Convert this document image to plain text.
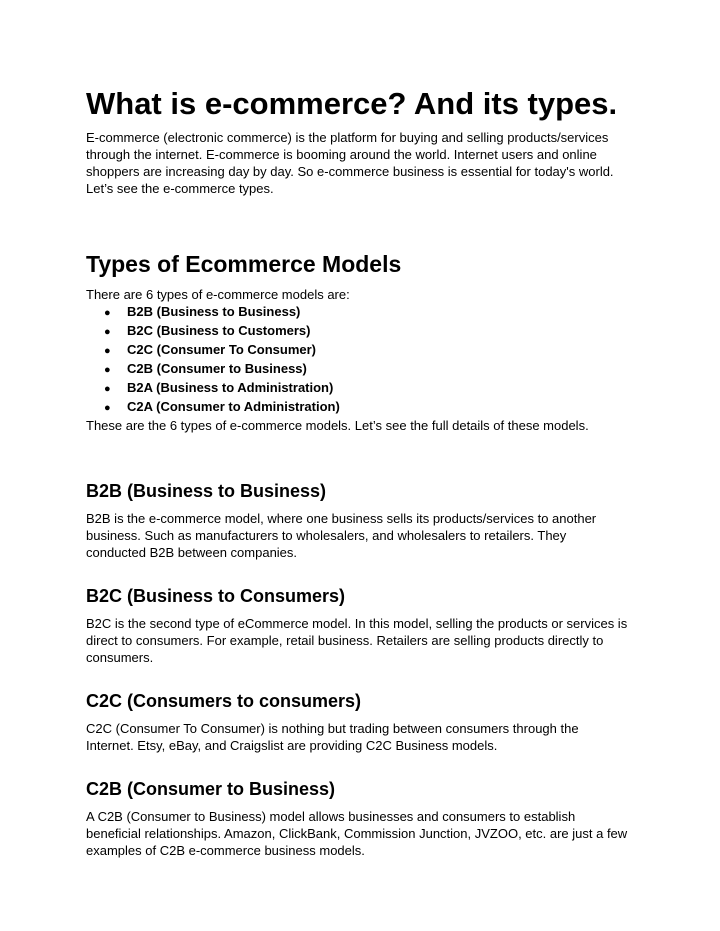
What is e-commerce? And its types.

E-commerce (electronic commerce) is the platform for buying and selling products/services through the internet. E-commerce is booming around the world. Internet users and online shoppers are increasing day by day. So e-commerce business is essential for today's world. Let’s see the e-commerce types.

Types of Ecommerce Models

There are 6 types of e-commerce models are:

●	B2B (Business to Business)
●	B2C (Business to Customers)
●	C2C (Consumer To Consumer)
●	C2B (Consumer to Business)
●	B2A (Business to Administration)
●	C2A (Consumer to Administration)

These are the 6 types of e-commerce models. Let’s see the full details of these models.

B2B (Business to Business)

B2B is the e-commerce model, where one business sells its products/services to another business. Such as manufacturers to wholesalers, and wholesalers to retailers. They conducted B2B between companies.

B2C (Business to Consumers)

B2C is the second type of eCommerce model. In this model, selling the products or services is direct to consumers. For example, retail business. Retailers are selling products directly to consumers.

C2C (Consumers to consumers)

C2C (Consumer To Consumer) is nothing but trading between consumers through the Internet. Etsy, eBay, and Craigslist are providing C2C Business models.

C2B (Consumer to Business)

A C2B (Consumer to Business) model allows businesses and consumers to establish beneficial relationships. Amazon, ClickBank, Commission Junction, JVZOO, etc. are just a few examples of C2B e-commerce business models.
